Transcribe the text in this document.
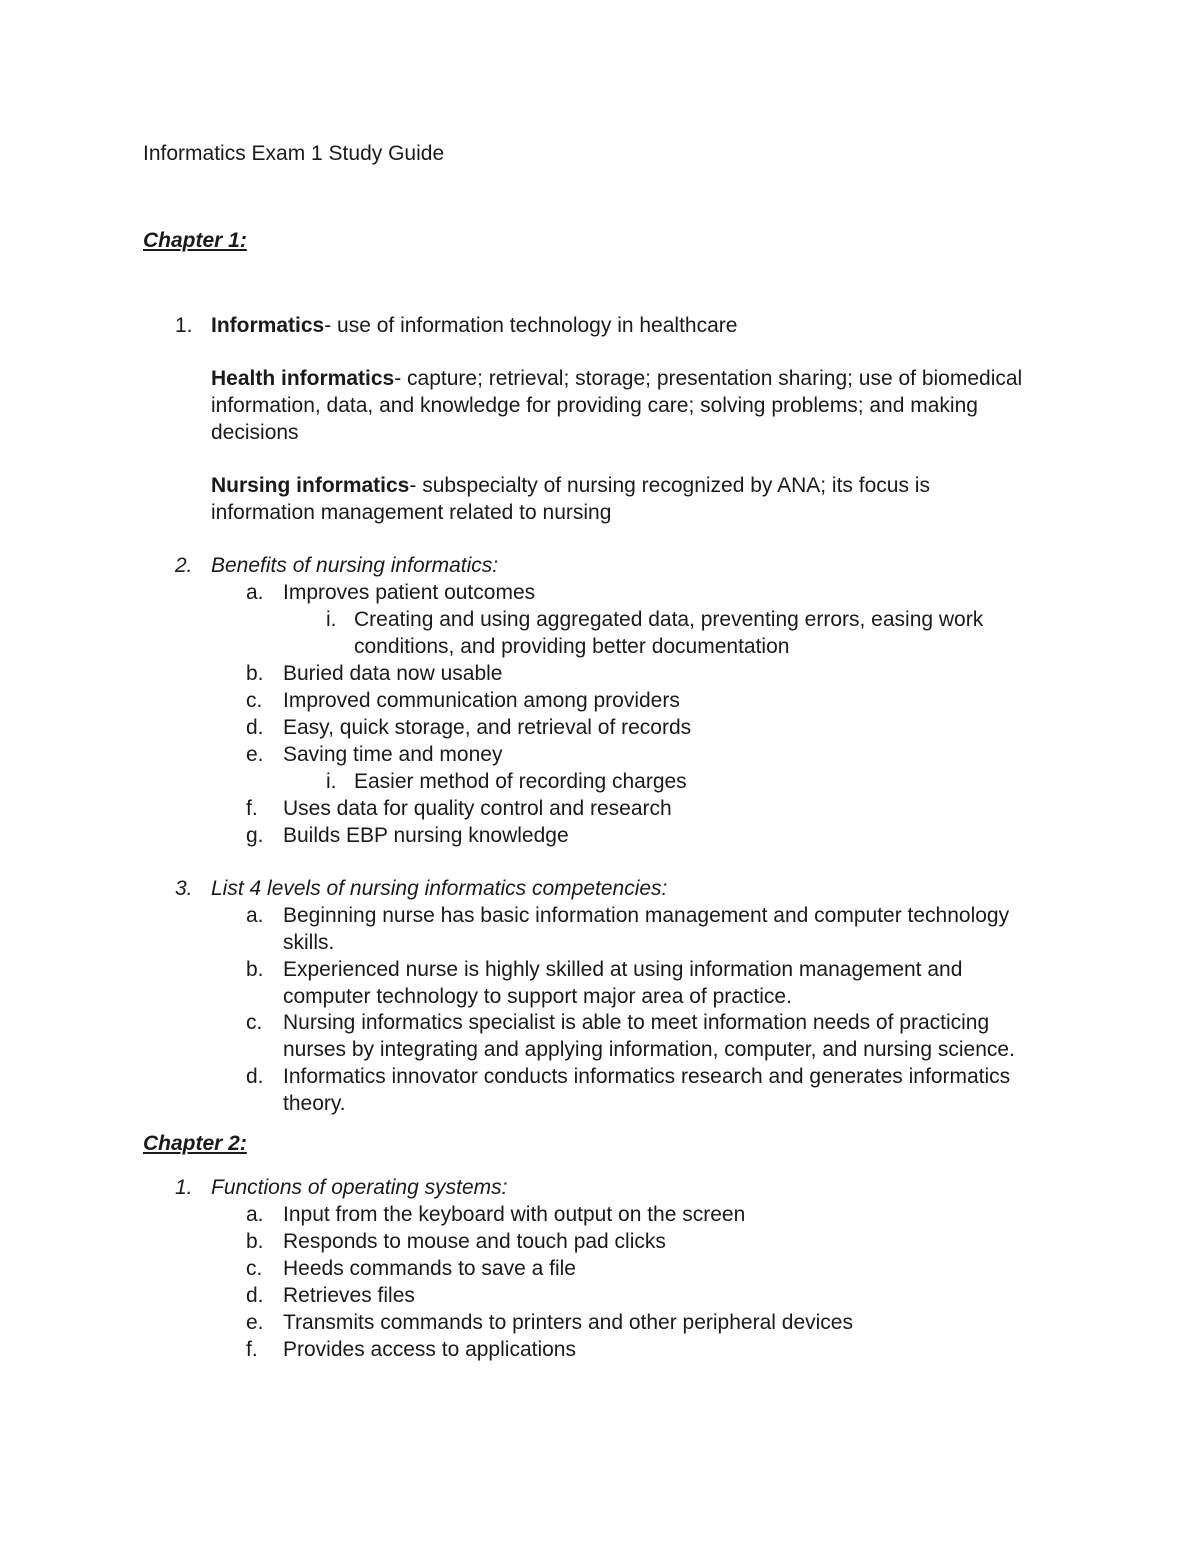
Informatics Exam 1 Study Guide
Chapter 1:
1. Informatics- use of information technology in healthcare
Health informatics- capture; retrieval; storage; presentation sharing; use of biomedical information, data, and knowledge for providing care; solving problems; and making decisions
Nursing informatics- subspecialty of nursing recognized by ANA; its focus is information management related to nursing
2. Benefits of nursing informatics:
a. Improves patient outcomes
i. Creating and using aggregated data, preventing errors, easing work conditions, and providing better documentation
b. Buried data now usable
c. Improved communication among providers
d. Easy, quick storage, and retrieval of records
e. Saving time and money
i. Easier method of recording charges
f. Uses data for quality control and research
g. Builds EBP nursing knowledge
3. List 4 levels of nursing informatics competencies:
a. Beginning nurse has basic information management and computer technology skills.
b. Experienced nurse is highly skilled at using information management and computer technology to support major area of practice.
c. Nursing informatics specialist is able to meet information needs of practicing nurses by integrating and applying information, computer, and nursing science.
d. Informatics innovator conducts informatics research and generates informatics theory.
Chapter 2:
1. Functions of operating systems:
a. Input from the keyboard with output on the screen
b. Responds to mouse and touch pad clicks
c. Heeds commands to save a file
d. Retrieves files
e. Transmits commands to printers and other peripheral devices
f. Provides access to applications
